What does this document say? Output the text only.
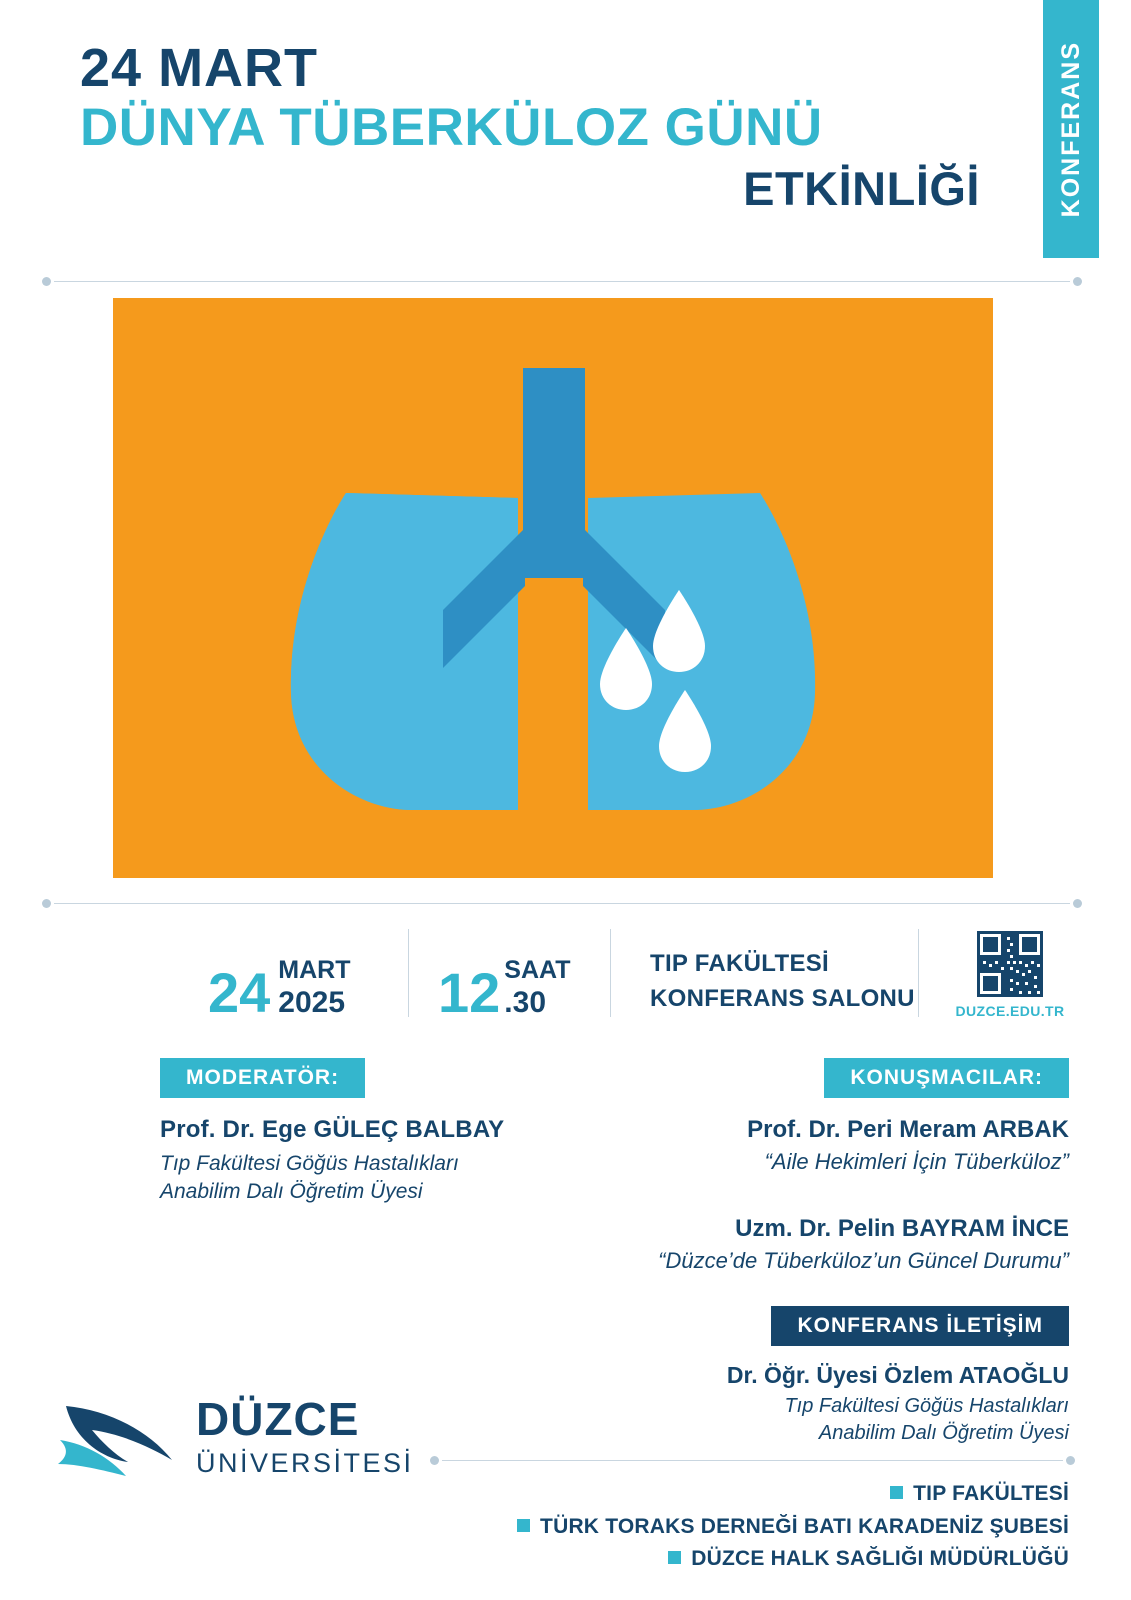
KONFERANS
24 MART
DÜNYA TÜBERKÜLOZ GÜNÜ
ETKİNLİĞİ
24 MART
2025 12 SAAT
.30
TIP FAKÜLTESİ
KONFERANS SALONU	DUZCE.EDU.TR
MODERATÖR:
Prof. Dr. Ege GÜLEÇ BALBAY
Tıp Fakültesi Göğüs Hastalıkları
Anabilim Dalı Öğretim Üyesi
KONUŞMACILAR:
Prof. Dr. Peri Meram ARBAK
“Aile Hekimleri İçin Tüberküloz”
Uzm. Dr. Pelin BAYRAM İNCE
“Düzce’de Tüberküloz’un Güncel Durumu”
KONFERANS İLETİŞİM
Dr. Öğr. Üyesi Özlem ATAOĞLU
Tıp Fakültesi Göğüs Hastalıkları
Anabilim Dalı Öğretim Üyesi
DÜZCE
ÜNİVERSİTESİ
TIP FAKÜLTESİ
TÜRK TORAKS DERNEĞİ BATI KARADENİZ ŞUBESİ
DÜZCE HALK SAĞLIĞI MÜDÜRLÜĞÜ
